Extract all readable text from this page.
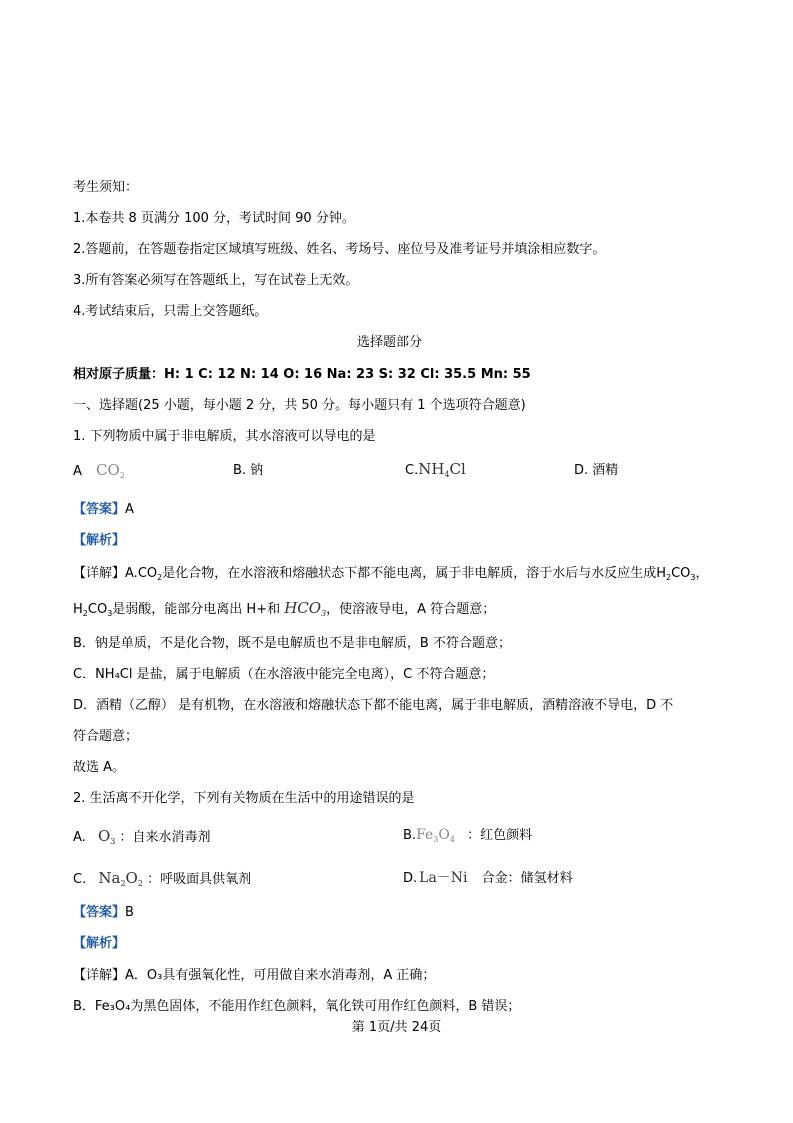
考生须知：
1.本卷共 8 页满分 100 分，考试时间 90 分钟。
2.答题前，在答题卷指定区域填写班级、姓名、考场号、座位号及准考证号并填涂相应数字。
3.所有答案必须写在答题纸上，写在试卷上无效。
4.考试结束后，只需上交答题纸。
选择题部分
相对原子质量：H: 1 C: 12 N: 14 O: 16 Na: 23 S: 32 Cl: 35.5 Mn: 55
一、选择题(25 小题，每小题 2 分，共 50 分。每小题只有 1 个选项符合题意)
1. 下列物质中属于非电解质，其水溶液可以导电的是
A $CO_2$	B. 钠	$C.NH_4Cl$	D. 酒精
【答案】A
【解析】
【详解】$A.CO_2$是化合物，在水溶液和熔融状态下都不能电离，属于非电解质，溶于水后与水反应生成$H_2CO_3$，
$H_2CO_3$是弱酸，能部分电离出 H+和 $HCO_3$，使溶液导电，A 符合题意；
B．钠是单质，不是化合物，既不是电解质也不是非电解质，B 不符合题意；
C．NH₄Cl 是盐，属于电解质（在水溶液中能完全电离），C 不符合题意；
D．酒精（乙醇） 是有机物，在水溶液和熔融状态下都不能电离，属于非电解质，酒精溶液不导电，D 不
符合题意；
故选 A。
2. 生活离不开化学，下列有关物质在生活中的用途错误的是
A. $O_3$ ：自来水消毒剂	$B.Fe_3O_4$ ：红色颜料
C. $Na_2O_2$ ：呼吸面具供氧剂	D. La－Ni 合金：储氢材料
【答案】B
【解析】
【详解】A．O₃具有强氧化性，可用做自来水消毒剂，A 正确；
B．Fe₃O₄为黑色固体，不能用作红色颜料，氧化铁可用作红色颜料，B 错误；
第 1页/共 24页
